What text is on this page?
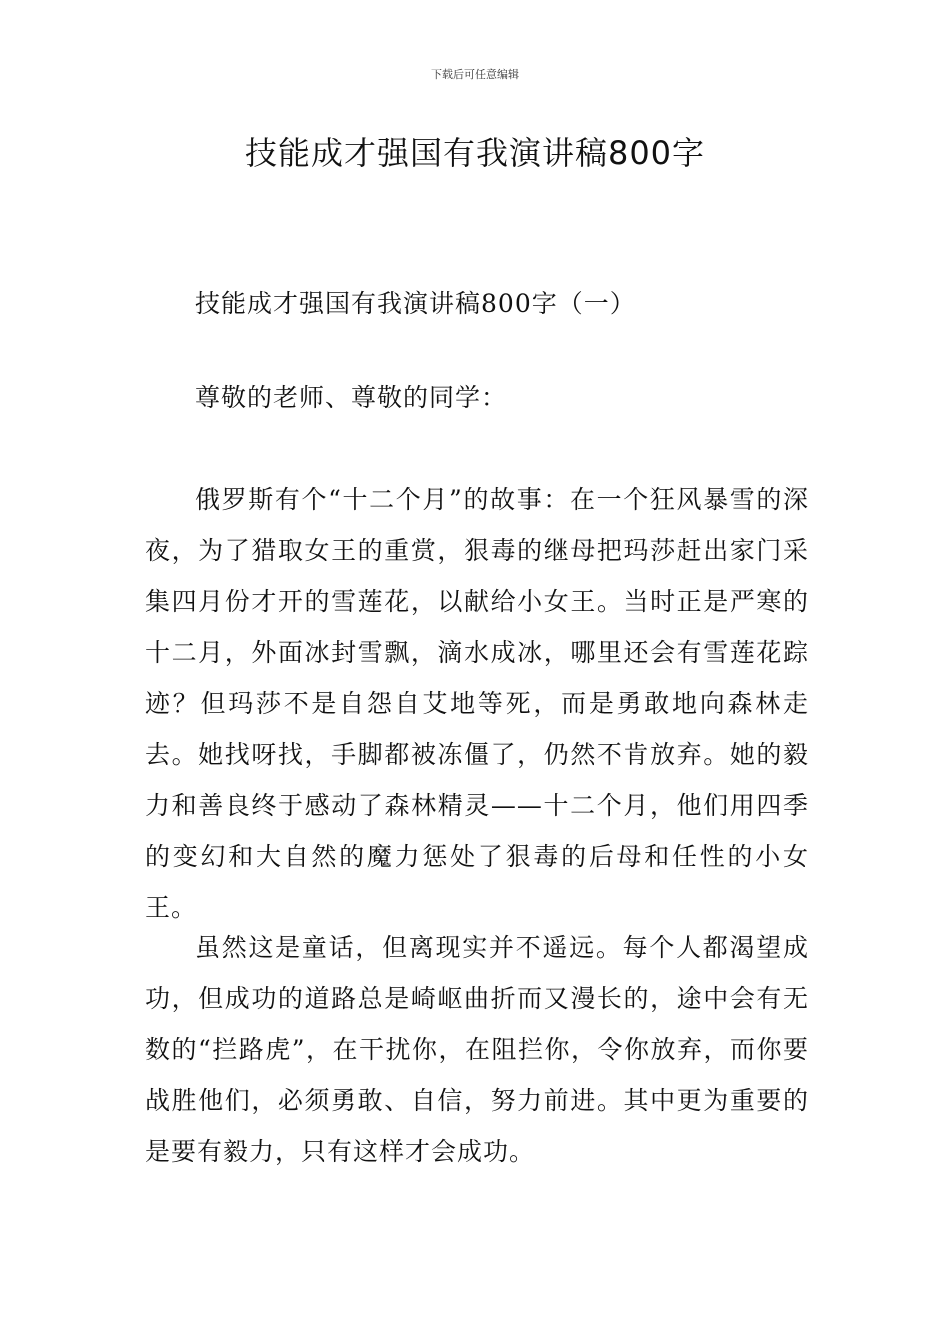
下载后可任意编辑
技能成才强国有我演讲稿800字

技能成才强国有我演讲稿800字（一）

尊敬的老师、尊敬的同学：

俄罗斯有个“十二个月”的故事：在一个狂风暴雪的深夜，为了猎取女王的重赏，狠毒的继母把玛莎赶出家门采集四月份才开的雪莲花，以献给小女王。当时正是严寒的十二月，外面冰封雪飘，滴水成冰，哪里还会有雪莲花踪迹？但玛莎不是自怨自艾地等死，而是勇敢地向森林走去。她找呀找，手脚都被冻僵了，仍然不肯放弃。她的毅力和善良终于感动了森林精灵——十二个月，他们用四季的变幻和大自然的魔力惩处了狠毒的后母和任性的小女王。

虽然这是童话，但离现实并不遥远。每个人都渴望成功，但成功的道路总是崎岖曲折而又漫长的，途中会有无数的“拦路虎”，在干扰你，在阻拦你，令你放弃，而你要战胜他们，必须勇敢、自信，努力前进。其中更为重要的是要有毅力，只有这样才会成功。
